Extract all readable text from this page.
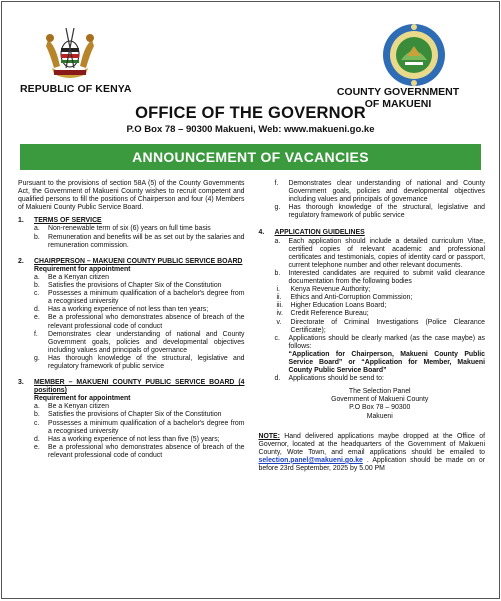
REPUBLIC OF KENYA	COUNTY GOVERNMENT OF MAKUENI
OFFICE OF THE GOVERNOR
P.O Box 78 – 90300 Makueni, Web: www.makueni.go.ke
ANNOUNCEMENT OF VACANCIES

Pursuant to the provisions of section 58A (5) of the County Governments Act, the Government of Makueni County wishes to recruit competent and qualified persons to fill the positions of Chairperson and four (4) Members of Makueni County Public Service Board.

1.	TERMS OF SERVICE
a.	Non-renewable term of six (6) years on full time basis
b.	Remuneration and benefits will be as set out by the salaries and remuneration commission.
2.	CHAIRPERSON – MAKUENI COUNTY PUBLIC SERVICE BOARD
Requirement for appointment
a.	Be a Kenyan citizen
b.	Satisfies the provisions of Chapter Six of the Constitution
c.	Possesses a minimum qualification of a bachelor's degree from a recognised university
d.	Has a working experience of not less than ten years;
e.	Be a professional who demonstrates absence of breach of the relevant professional code of conduct
f.	Demonstrates clear understanding of national and County Government goals, policies and developmental objectives including values and principals of governance
g.	Has thorough knowledge of the structural, legislative and regulatory framework of public service
3.	MEMBER – MAKUENI COUNTY PUBLIC SERVICE BOARD (4 positions)
Requirement for appointment
a.	Be a Kenyan citizen
b.	Satisfies the provisions of Chapter Six of the Constitution
c.	Possesses a minimum qualification of a bachelor's degree from a recognised university
d.	Has a working experience of not less than five (5) years;
e.	Be a professional who demonstrates absence of breach of the relevant professional code of conduct
f.	Demonstrates clear understanding of national and County Government goals, policies and developmental objectives including values and principals of governance
g.	Has thorough knowledge of the structural, legislative and regulatory framework of public service
4.	APPLICATION GUIDELINES
a.	Each application should include a detailed curriculum Vitae, certified copies of relevant academic and professional certificates and testimonials, copies of identity card or passport, current telephone number and other relevant documents.
b.	Interested candidates are required to submit valid clearance documentation from the following bodies
i.	Kenya Revenue Authority;
ii.	Ethics and Anti-Corruption Commission;
iii.	Higher Education Loans Board;
iv.	Credit Reference Bureau;
v.	Directorate of Criminal Investigations (Police Clearance Certificate);
c.	Applications should be clearly marked (as the case maybe) as follows:
“Application for Chairperson, Makueni County Public Service Board” or “Application for Member, Makueni County Public Service Board”
d.	Applications should be send to:
The Selection Panel
Government of Makueni County
P.O Box 78 – 90300
Makueni

NOTE: Hand delivered applications maybe dropped at the Office of Governor, located at the headquarters of the Government of Makueni County, Wote Town, and email applications should be emailed to selection.panel@makueni.go.ke . Application should be made on or before 23rd September, 2025 by 5.00 PM
